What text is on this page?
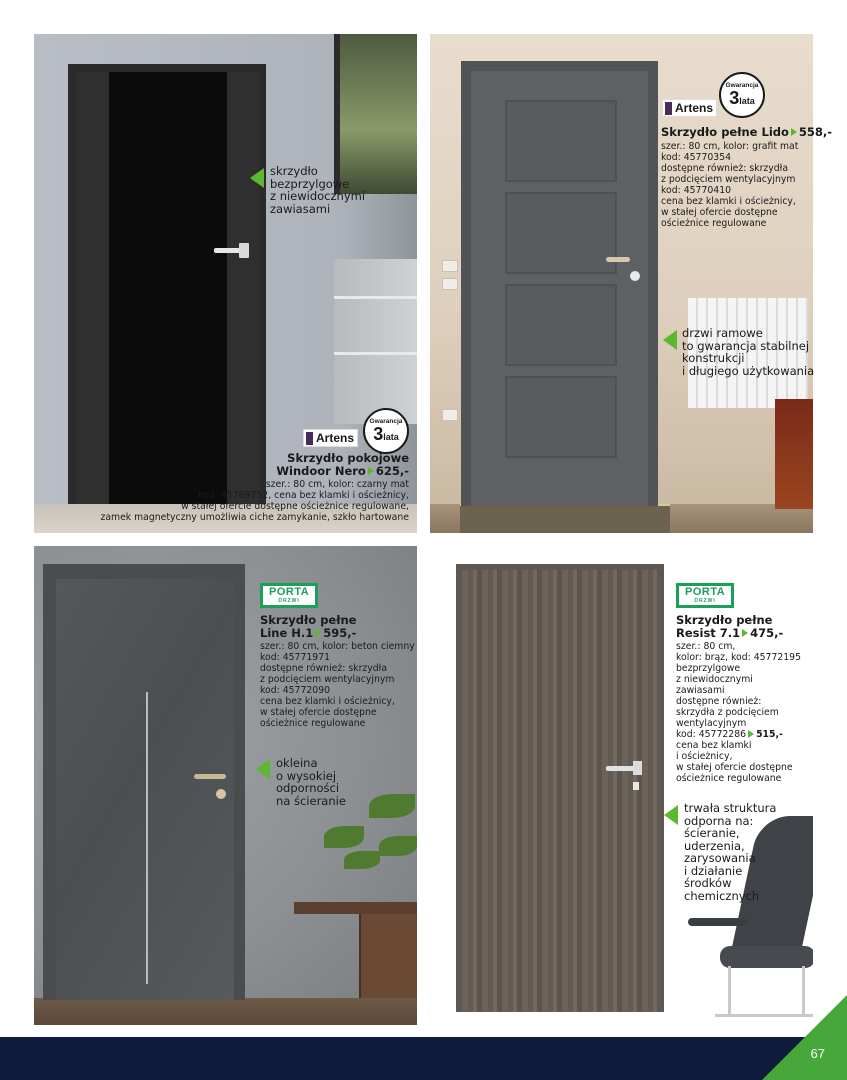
skrzydło
bezprzylgowe
z niewidocznymi
zawiasami
Artens
Gwarancja
3lata
Skrzydło pokojowe
Windoor Nero 625,-
szer.: 80 cm, kolor: czarny mat
kod: 45769752, cena bez klamki i ościeżnicy,
w stałej ofercie dostępne ościeżnice regulowane,
zamek magnetyczny umożliwia ciche zamykanie, szkło hartowane
Artens
Gwarancja
3lata
Skrzydło pełne Lido 558,-
szer.: 80 cm, kolor: grafit mat
kod: 45770354
dostępne również: skrzydła
z podcięciem wentylacyjnym
kod: 45770410
cena bez klamki i ościeżnicy,
w stałej ofercie dostępne
ościeżnice regulowane
drzwi ramowe
to gwarancja stabilnej
konstrukcji
i długiego użytkowania
PORTA
DRZWI
Skrzydło pełne
Line H.1 595,-
szer.: 80 cm, kolor: beton ciemny
kod: 45771971
dostępne również: skrzydła
z podcięciem wentylacyjnym
kod: 45772090
cena bez klamki i ościeżnicy,
w stałej ofercie dostępne
ościeżnice regulowane
okleina
o wysokiej
odporności
na ścieranie
PORTA
DRZWI
Skrzydło pełne
Resist 7.1 475,-
szer.: 80 cm,
kolor: brąz, kod: 45772195
bezprzylgowe
z niewidocznymi
zawiasami
dostępne również:
skrzydła z podcięciem
wentylacyjnym
kod: 45772286 515,-
cena bez klamki
i ościeżnicy,
w stałej ofercie dostępne
ościeżnice regulowane
trwała struktura
odporna na:
ścieranie,
uderzenia,
zarysowania
i działanie
środków
chemicznych
67
